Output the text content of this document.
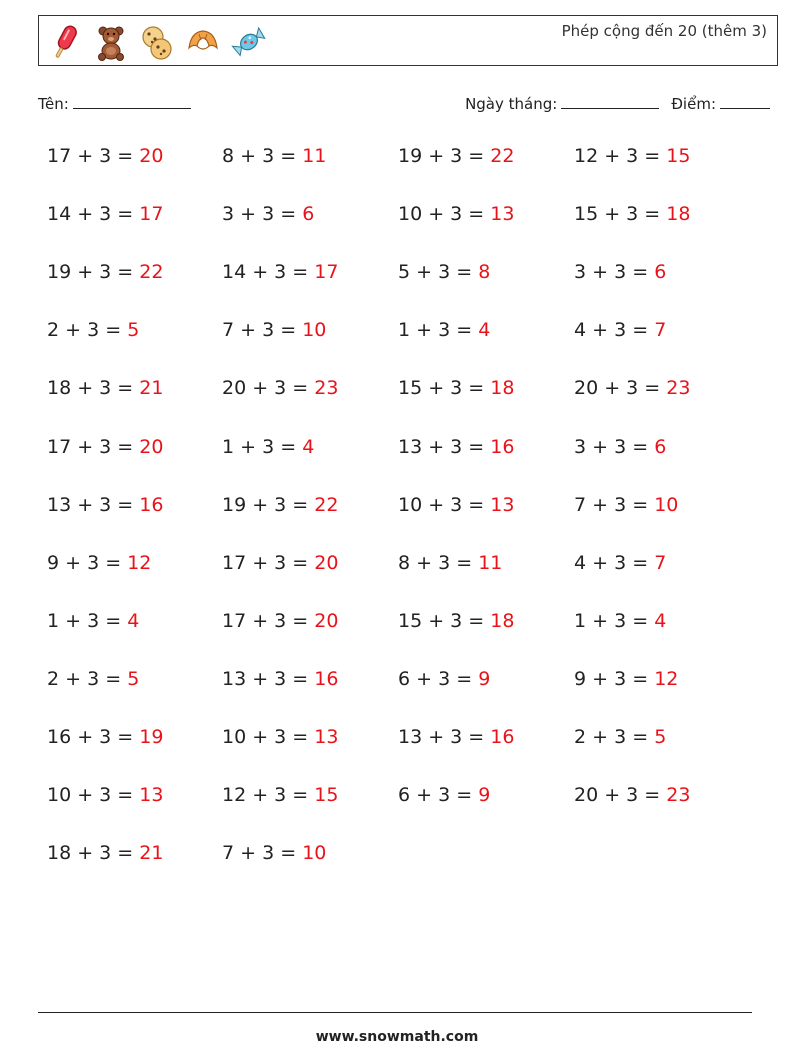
Phép cộng đến 20 (thêm 3)
Tên:	Ngày tháng:	Điểm:
17 + 3 = 20	8 + 3 = 11	19 + 3 = 22	12 + 3 = 15
14 + 3 = 17	3 + 3 = 6	10 + 3 = 13	15 + 3 = 18
19 + 3 = 22	14 + 3 = 17	5 + 3 = 8	3 + 3 = 6
2 + 3 = 5	7 + 3 = 10	1 + 3 = 4	4 + 3 = 7
18 + 3 = 21	20 + 3 = 23	15 + 3 = 18	20 + 3 = 23
17 + 3 = 20	1 + 3 = 4	13 + 3 = 16	3 + 3 = 6
13 + 3 = 16	19 + 3 = 22	10 + 3 = 13	7 + 3 = 10
9 + 3 = 12	17 + 3 = 20	8 + 3 = 11	4 + 3 = 7
1 + 3 = 4	17 + 3 = 20	15 + 3 = 18	1 + 3 = 4
2 + 3 = 5	13 + 3 = 16	6 + 3 = 9	9 + 3 = 12
16 + 3 = 19	10 + 3 = 13	13 + 3 = 16	2 + 3 = 5
10 + 3 = 13	12 + 3 = 15	6 + 3 = 9	20 + 3 = 23
18 + 3 = 21	7 + 3 = 10
www.snowmath.com
